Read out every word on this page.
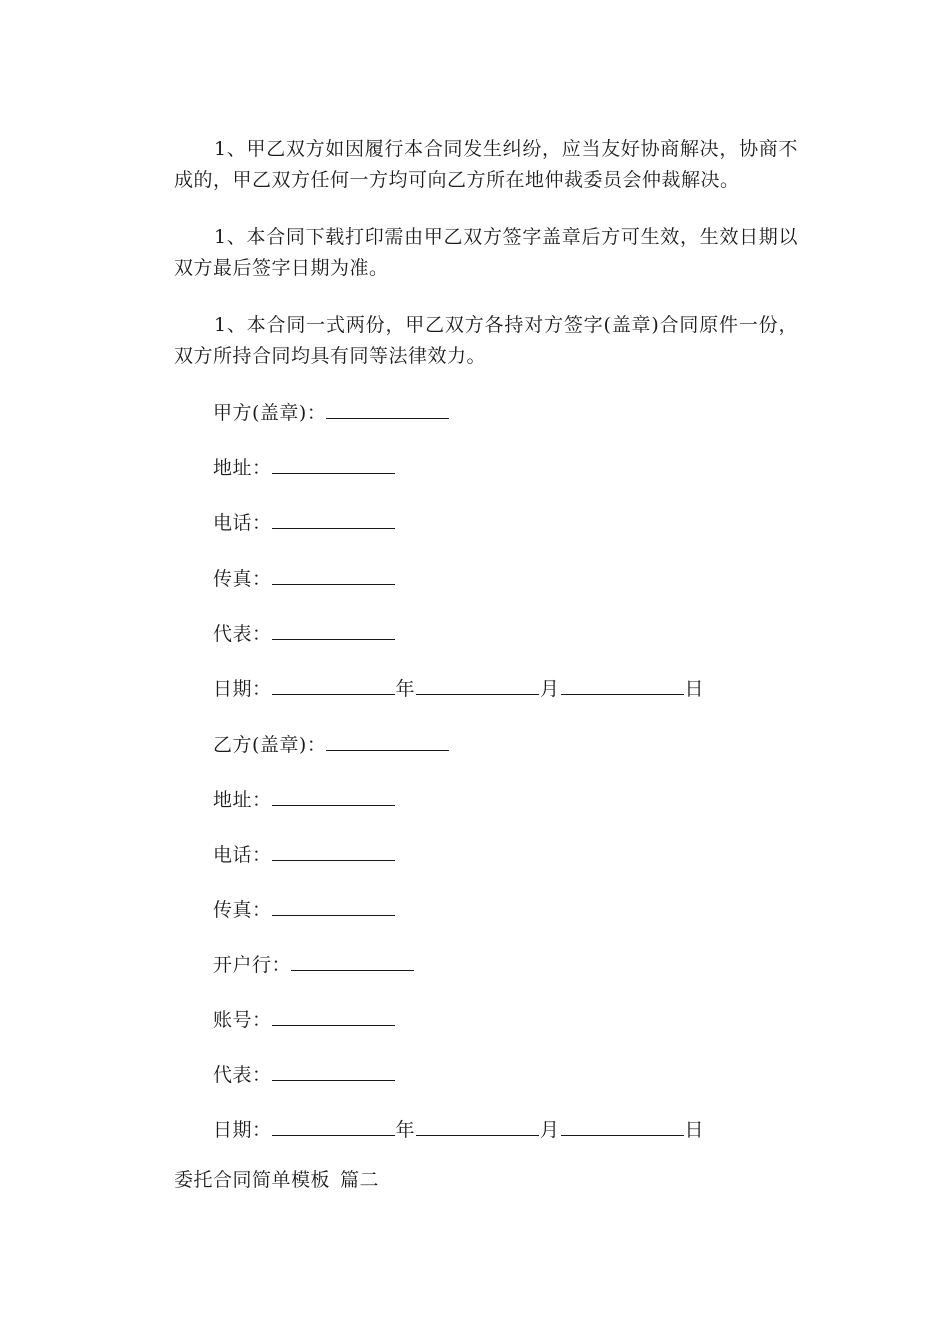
1、甲乙双方如因履行本合同发生纠纷，应当友好协商解决，协商不成的，甲乙双方任何一方均可向乙方所在地仲裁委员会仲裁解决。
1、本合同下载打印需由甲乙双方签字盖章后方可生效，生效日期以双方最后签字日期为准。
1、本合同一式两份，甲乙双方各持对方签字(盖章)合同原件一份，双方所持合同均具有同等法律效力。
甲方(盖章)：
地址：
电话：
传真：
代表：
日期：	年	月	日
乙方(盖章)：
地址：
电话：
传真：
开户行：
账号：
代表：
日期：	年	月	日
委托合同简单模板 篇二
